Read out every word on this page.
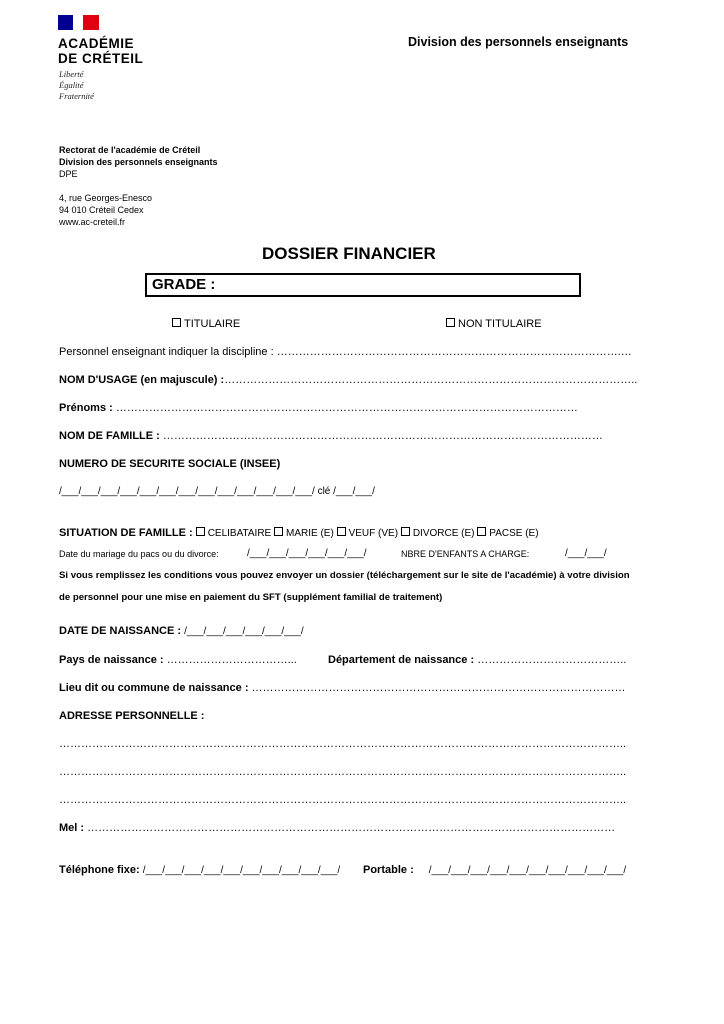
ACADÉMIE
DE CRÉTEIL
Liberté
Égalité
Fraternité
Division des personnels enseignants
Rectorat de l'académie de Créteil
Division des personnels enseignants
DPE
4, rue Georges-Enesco
94 010 Créteil Cedex
www.ac-creteil.fr
DOSSIER FINANCIER
GRADE :
TITULAIRE	NON TITULAIRE
Personnel enseignant indiquer la discipline : ………………………………………………………………………………….…
NOM D'USAGE (en majuscule) :…………………………………………………………………………………………………..
Prénoms : ………………………………………………………………………………………………………………
NOM DE FAMILLE : …………………………………………………………………………………………………………
NUMERO DE SECURITE SOCIALE (INSEE)
/___/___/___/___/___/___/___/___/___/___/___/___/___/ clé /___/___/
SITUATION DE FAMILLE : CELIBATAIRE MARIE (E) VEUF (VE) DIVORCE (E) PACSE (E)
Date du mariage du pacs ou du divorce:	/___/___/___/___/___/___/	NBRE D'ENFANTS A CHARGE:	/___/___/
Si vous remplissez les conditions vous pouvez envoyer un dossier (téléchargement sur le site de l'académie) à votre division
de personnel pour une mise en paiement du SFT (supplément familial de traitement)
DATE DE NAISSANCE : /___/___/___/___/___/___/
Pays de naissance : ……………………………...	Département de naissance : …………………………………..
Lieu dit ou commune de naissance : …………………………………………………………………………………………
ADRESSE PERSONNELLE :
………………………………………………………………………………………………………………………………………..
………………………………………………………………………………………………………………………………………..
………………………………………………………………………………………………………………………………………..
Mel : ………………………………………………………………………………………………………………………………
Téléphone fixe: /___/___/___/___/___/___/___/___/___/___/ Portable : /___/___/___/___/___/___/___/___/___/___/
